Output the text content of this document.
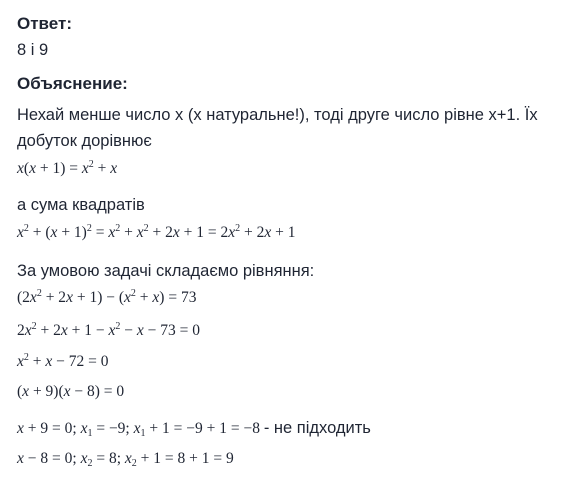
Ответ:
8 і 9
Объяснение:
Нехай менше число x (x натуральне!), тоді друге число рівне x+1. Їх
добуток дорівнює
$x(x + 1) = x^2 + x$
а сума квадратів
$x^2 + (x + 1)^2 = x^2 + x^2 + 2x + 1 = 2x^2 + 2x + 1$
За умовою задачі складаємо рівняння:
$(2x^2 + 2x + 1) - (x^2 + x) = 73$
$2x^2 + 2x + 1 - x^2 - x - 73 = 0$
$x^2 + x - 72 = 0$
(x + 9)(x − 8) = 0
x + 9 = 0; $x_1 = -9$; $x_1 + 1 = -9 + 1 = -8$ - не підходить
x − 8 = 0; $x_2 = 8$; $x_2 + 1 = 8 + 1 = 9$
